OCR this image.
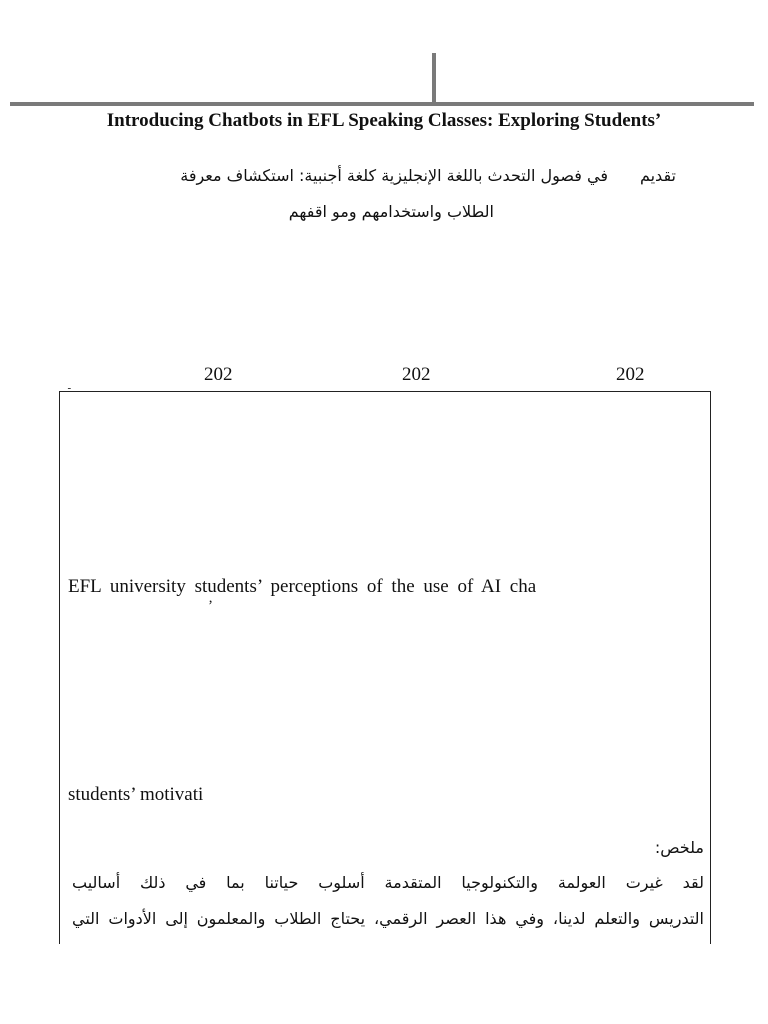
Introducing Chatbots in EFL Speaking Classes: Exploring Students’
تقديم
في فصول التحدث باللغة الإنجليزية كلغة أجنبية: استكشاف معرفة
الطلاب واستخدامهم ومو اقفهم
202	202	202
ـ
EFL university students’ perceptions of the use of AI cha
’
students’ motivati
ملخص:
لقد غيرت العولمة والتكنولوجيا المتقدمة أسلوب حياتنا بما في ذلك أساليب
التدريس والتعلم لدينا، وفي هذا العصر الرقمي، يحتاج الطلاب والمعلمون إلى الأدوات التي
